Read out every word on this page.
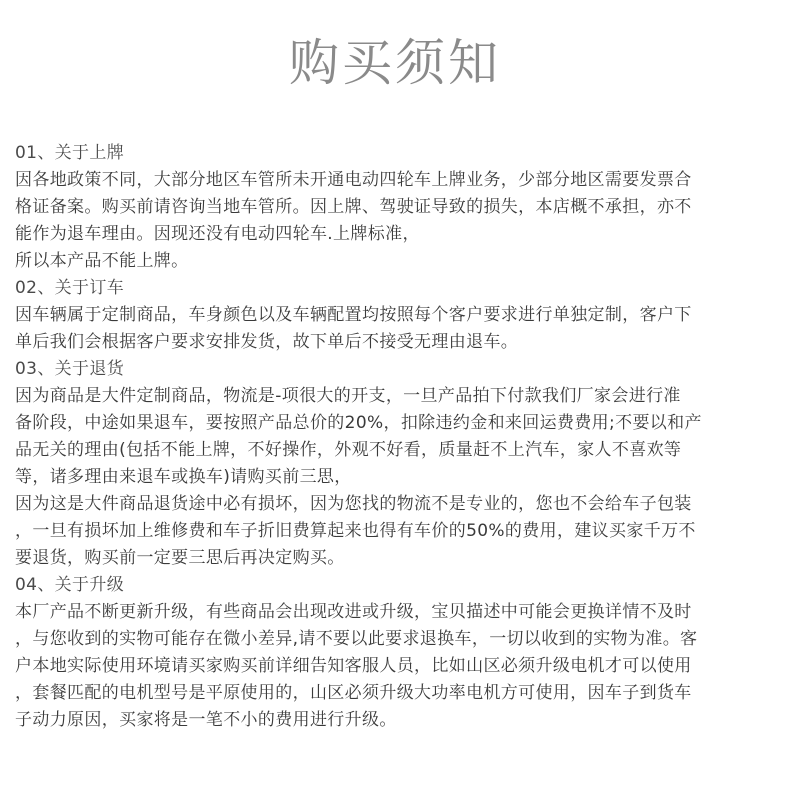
购买须知
01、关于上牌
因各地政策不同，大部分地区车管所未开通电动四轮车上牌业务，少部分地区需要发票合
格证备案。购买前请咨询当地车管所。因上牌、驾驶证导致的损失，本店概不承担，亦不
能作为退车理由。因现还没有电动四轮车.上牌标准，
所以本产品不能上牌。
02、关于订车
因车辆属于定制商品，车身颜色以及车辆配置均按照每个客户要求进行单独定制，客户下
单后我们会根据客户要求安排发货，故下单后不接受无理由退车。
03、关于退货
因为商品是大件定制商品，物流是-项很大的开支，一旦产品拍下付款我们厂家会进行准
备阶段，中途如果退车，要按照产品总价的20%，扣除违约金和来回运费费用;不要以和产
品无关的理由(包括不能上牌，不好操作，外观不好看，质量赶不上汽车，家人不喜欢等
等，诸多理由来退车或换车)请购买前三思，
因为这是大件商品退货途中必有损坏，因为您找的物流不是专业的，您也不会给车子包装
，一旦有损坏加上维修费和车子折旧费算起来也得有车价的50%的费用，建议买家千万不
要退货，购买前一定要三思后再决定购买。
04、关于升级
本厂产品不断更新升级，有些商品会出现改进或升级，宝贝描述中可能会更换详情不及时
，与您收到的实物可能存在微小差异,请不要以此要求退换车，一切以收到的实物为准。客
户本地实际使用环境请买家购买前详细告知客服人员，比如山区必须升级电机才可以使用
，套餐匹配的电机型号是平原使用的，山区必须升级大功率电机方可使用，因车子到货车
子动力原因，买家将是一笔不小的费用进行升级。
